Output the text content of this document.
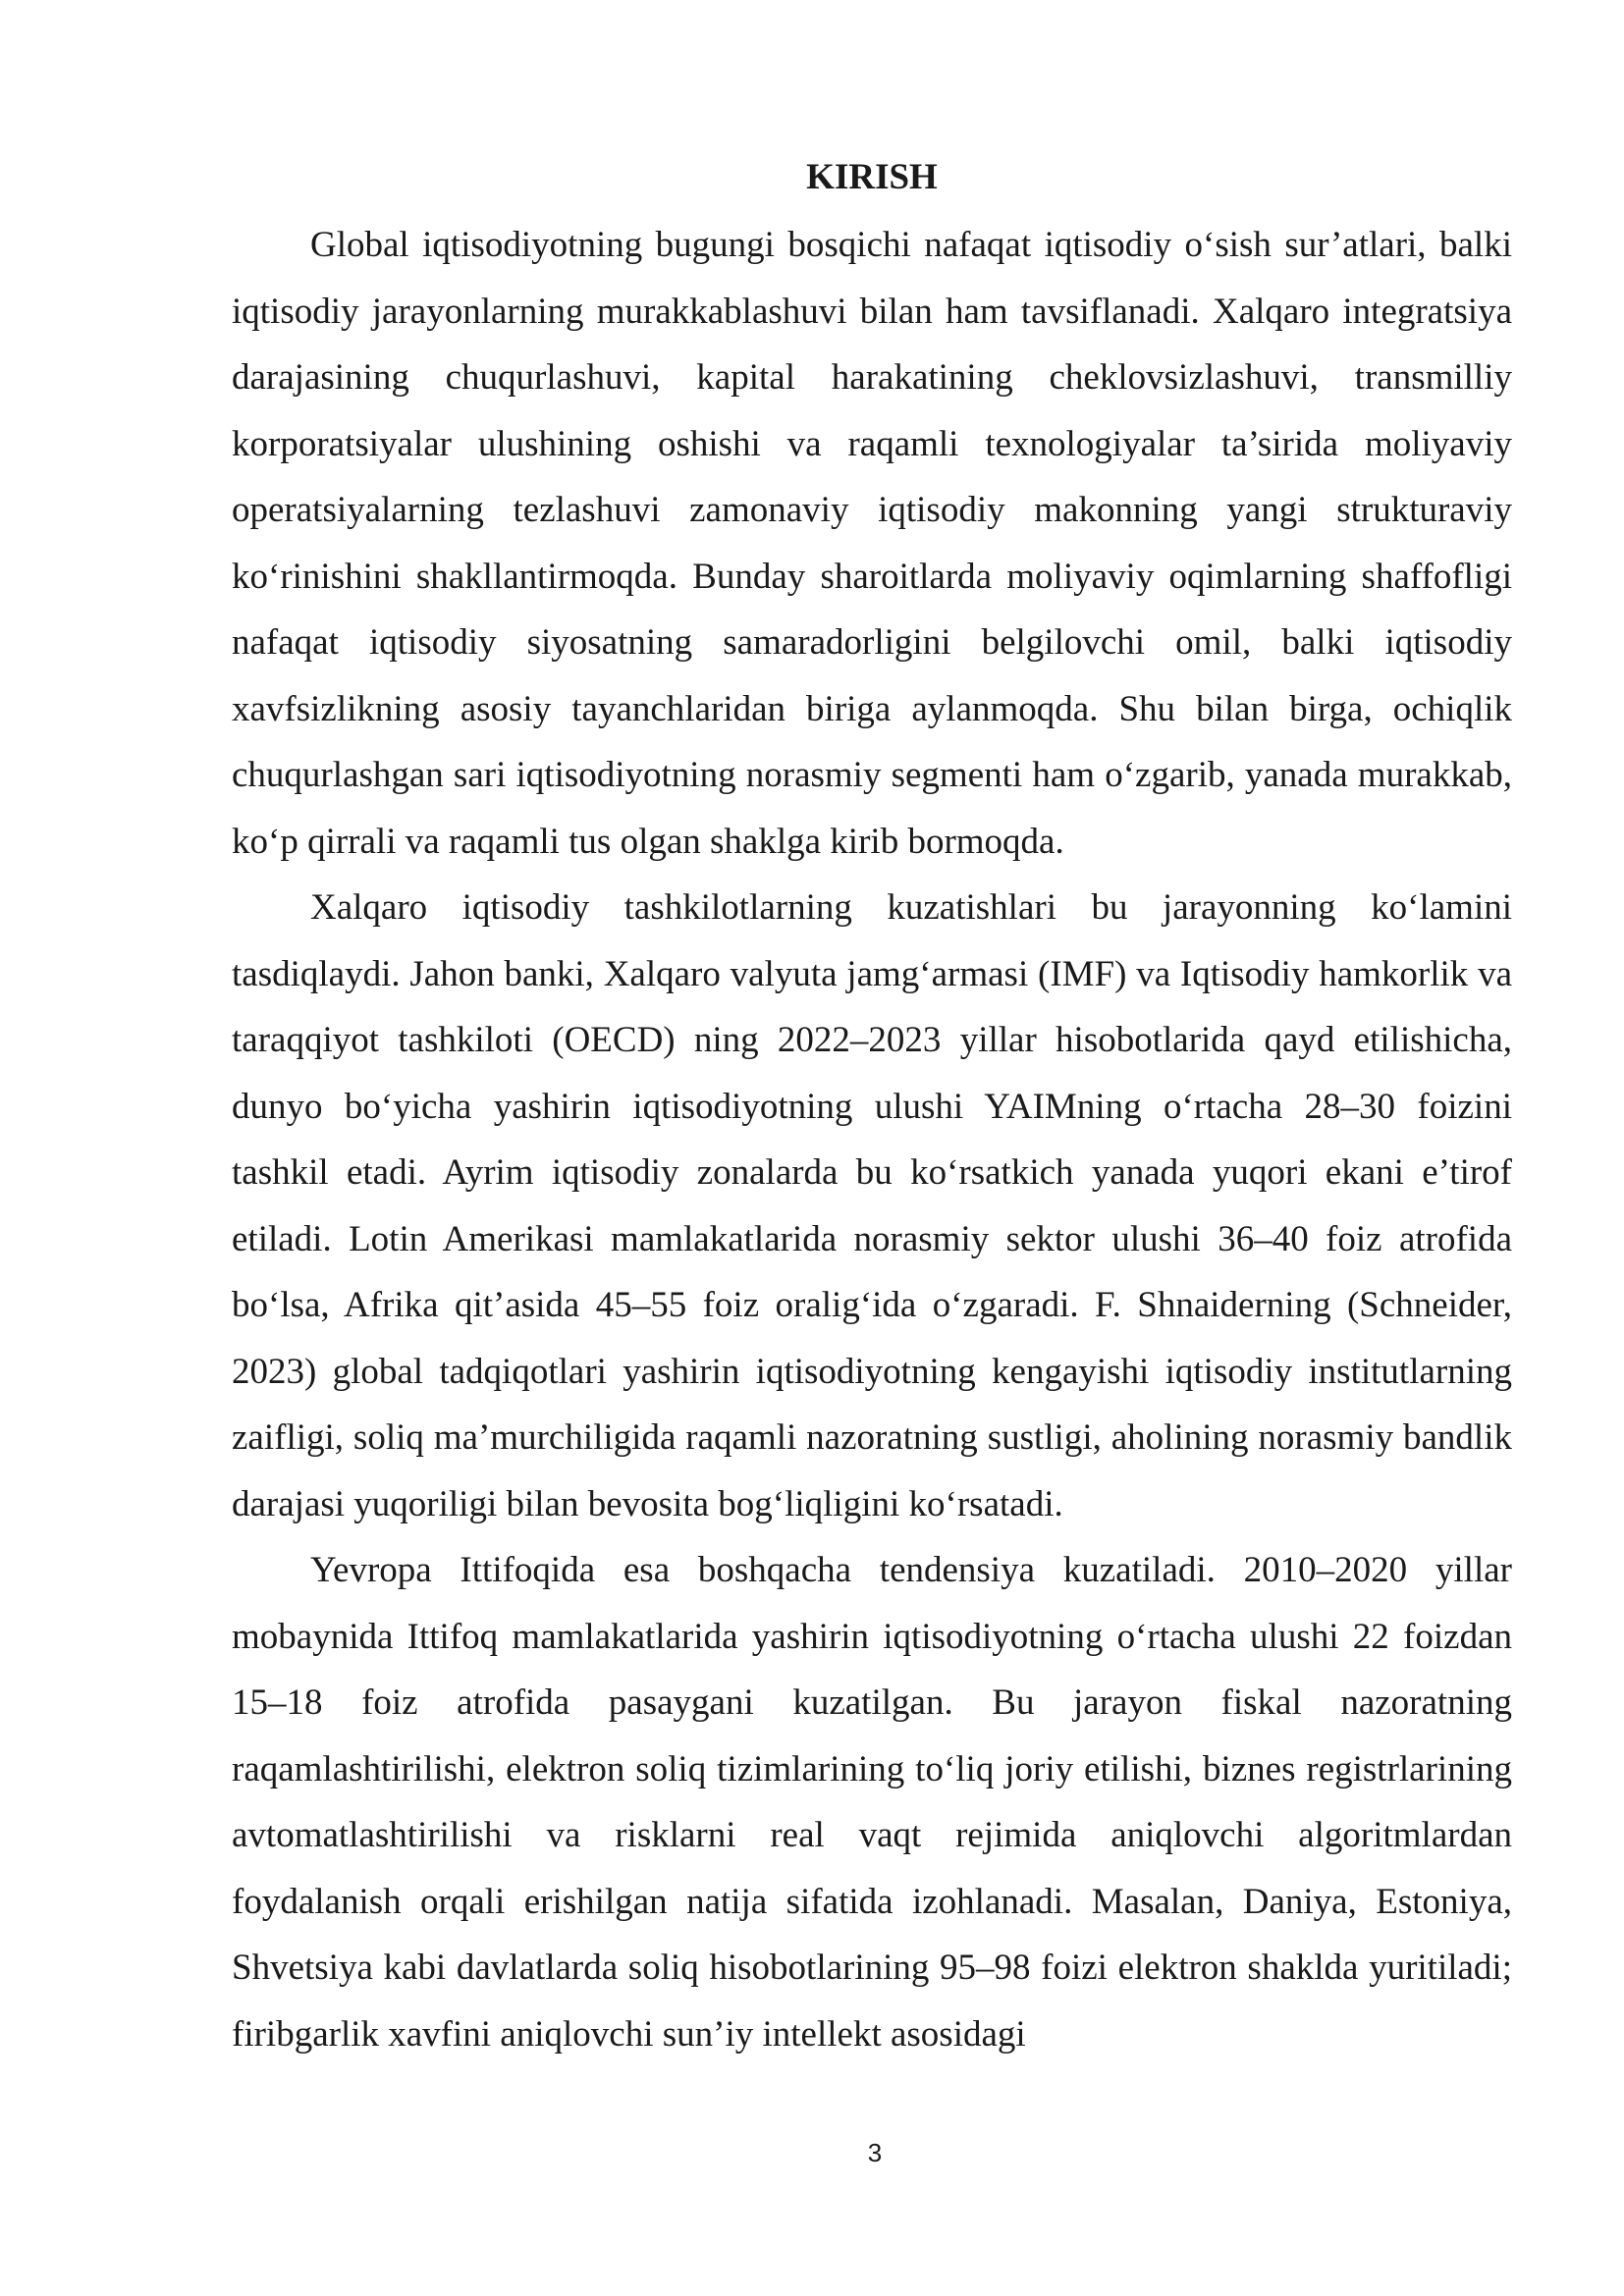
KIRISH

Global iqtisodiyotning bugungi bosqichi nafaqat iqtisodiy o‘sish sur’atlari, balki iqtisodiy jarayonlarning murakkablashuvi bilan ham tavsiflanadi. Xalqaro integratsiya darajasining chuqurlashuvi, kapital harakatining cheklovsizlashuvi, transmilliy korporatsiyalar ulushining oshishi va raqamli texnologiyalar ta’sirida moliyaviy operatsiyalarning tezlashuvi zamonaviy iqtisodiy makonning yangi strukturaviy ko‘rinishini shakllantirmoqda. Bunday sharoitlarda moliyaviy oqimlarning shaffofligi nafaqat iqtisodiy siyosatning samaradorligini belgilovchi omil, balki iqtisodiy xavfsizlikning asosiy tayanchlaridan biriga aylanmoqda. Shu bilan birga, ochiqlik chuqurlashgan sari iqtisodiyotning norasmiy segmenti ham o‘zgarib, yanada murakkab, ko‘p qirrali va raqamli tus olgan shaklga kirib bormoqda.

Xalqaro iqtisodiy tashkilotlarning kuzatishlari bu jarayonning ko‘lamini tasdiqlaydi. Jahon banki, Xalqaro valyuta jamg‘armasi (IMF) va Iqtisodiy hamkorlik va taraqqiyot tashkiloti (OECD) ning 2022–2023 yillar hisobotlarida qayd etilishicha, dunyo bo‘yicha yashirin iqtisodiyotning ulushi YAIMning o‘rtacha 28–30 foizini tashkil etadi. Ayrim iqtisodiy zonalarda bu ko‘rsatkich yanada yuqori ekani e’tirof etiladi. Lotin Amerikasi mamlakatlarida norasmiy sektor ulushi 36–40 foiz atrofida bo‘lsa, Afrika qit’asida 45–55 foiz oralig‘ida o‘zgaradi. F. Shnaiderning (Schneider, 2023) global tadqiqotlari yashirin iqtisodiyotning kengayishi iqtisodiy institutlarning zaifligi, soliq ma’murchiligida raqamli nazoratning sustligi, aholining norasmiy bandlik darajasi yuqoriligi bilan bevosita bog‘liqligini ko‘rsatadi.

Yevropa Ittifoqida esa boshqacha tendensiya kuzatiladi. 2010–2020 yillar mobaynida Ittifoq mamlakatlarida yashirin iqtisodiyotning o‘rtacha ulushi 22 foizdan 15–18 foiz atrofida pasaygani kuzatilgan. Bu jarayon fiskal nazoratning raqamlashtirilishi, elektron soliq tizimlarining to‘liq joriy etilishi, biznes registrlarining avtomatlashtirilishi va risklarni real vaqt rejimida aniqlovchi algoritmlardan foydalanish orqali erishilgan natija sifatida izohlanadi. Masalan, Daniya, Estoniya, Shvetsiya kabi davlatlarda soliq hisobotlarining 95–98 foizi elektron shaklda yuritiladi; firibgarlik xavfini aniqlovchi sun’iy intellekt asosidagi

3
